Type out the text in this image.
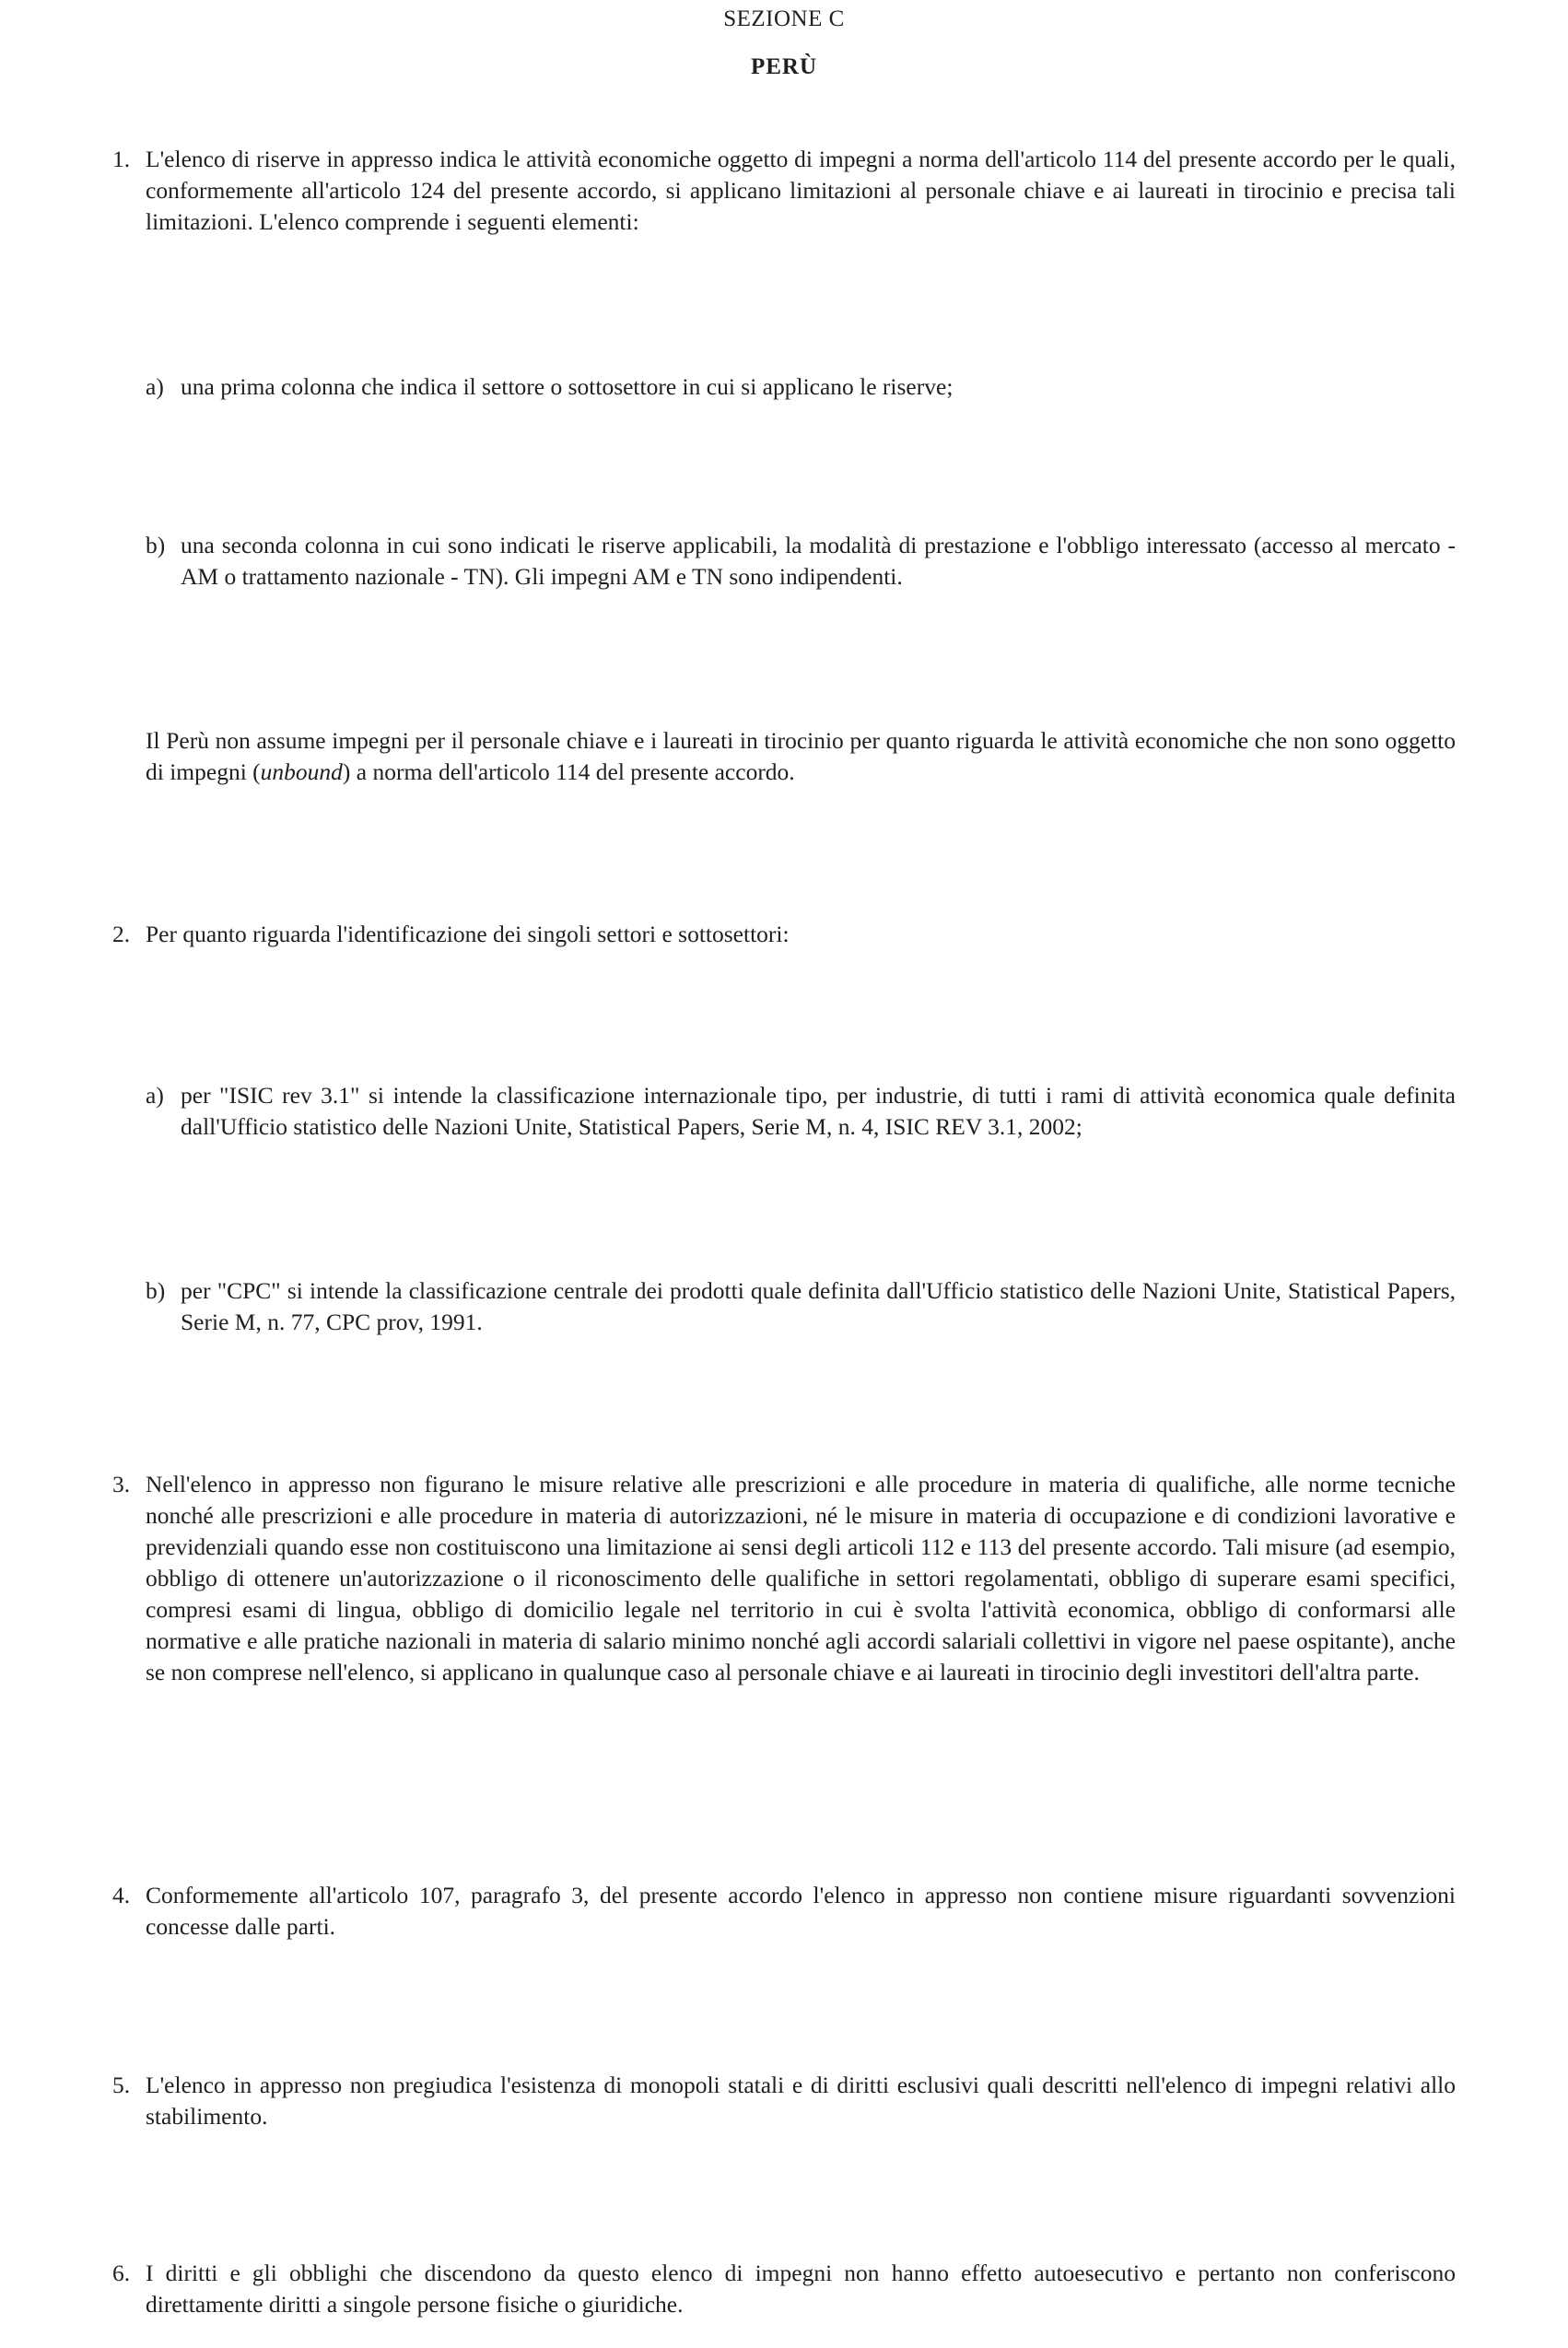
SEZIONE C
PERÙ
1. L'elenco di riserve in appresso indica le attività economiche oggetto di impegni a norma dell'articolo 114 del presente accordo per le quali, conformemente all'articolo 124 del presente accordo, si applicano limitazioni al personale chiave e ai laureati in tirocinio e precisa tali limitazioni. L'elenco comprende i seguenti elementi:
a) una prima colonna che indica il settore o sottosettore in cui si applicano le riserve;
b) una seconda colonna in cui sono indicati le riserve applicabili, la modalità di prestazione e l'obbligo interessato (accesso al mercato - AM o trattamento nazionale - TN). Gli impegni AM e TN sono indipendenti.
Il Perù non assume impegni per il personale chiave e i laureati in tirocinio per quanto riguarda le attività economiche che non sono oggetto di impegni (unbound) a norma dell'articolo 114 del presente accordo.
2. Per quanto riguarda l'identificazione dei singoli settori e sottosettori:
a) per "ISIC rev 3.1" si intende la classificazione internazionale tipo, per industrie, di tutti i rami di attività economica quale definita dall'Ufficio statistico delle Nazioni Unite, Statistical Papers, Serie M, n. 4, ISIC REV 3.1, 2002;
b) per "CPC" si intende la classificazione centrale dei prodotti quale definita dall'Ufficio statistico delle Nazioni Unite, Statistical Papers, Serie M, n. 77, CPC prov, 1991.
3. Nell'elenco in appresso non figurano le misure relative alle prescrizioni e alle procedure in materia di qualifiche, alle norme tecniche nonché alle prescrizioni e alle procedure in materia di autorizzazioni, né le misure in materia di occupazione e di condizioni lavorative e previdenziali quando esse non costituiscono una limitazione ai sensi degli articoli 112 e 113 del presente accordo. Tali misure (ad esempio, obbligo di ottenere un'autorizzazione o il riconoscimento delle qualifiche in settori regolamentati, obbligo di superare esami specifici, compresi esami di lingua, obbligo di domicilio legale nel territorio in cui è svolta l'attività economica, obbligo di conformarsi alle normative e alle pratiche nazionali in materia di salario minimo nonché agli accordi salariali collettivi in vigore nel paese ospitante), anche se non comprese nell'elenco, si applicano in qualunque caso al personale chiave e ai laureati in tirocinio degli investitori dell'altra parte.
4. Conformemente all'articolo 107, paragrafo 3, del presente accordo l'elenco in appresso non contiene misure riguardanti sovvenzioni concesse dalle parti.
5. L'elenco in appresso non pregiudica l'esistenza di monopoli statali e di diritti esclusivi quali descritti nell'elenco di impegni relativi allo stabilimento.
6. I diritti e gli obblighi che discendono da questo elenco di impegni non hanno effetto autoesecutivo e pertanto non conferiscono direttamente diritti a singole persone fisiche o giuridiche.
